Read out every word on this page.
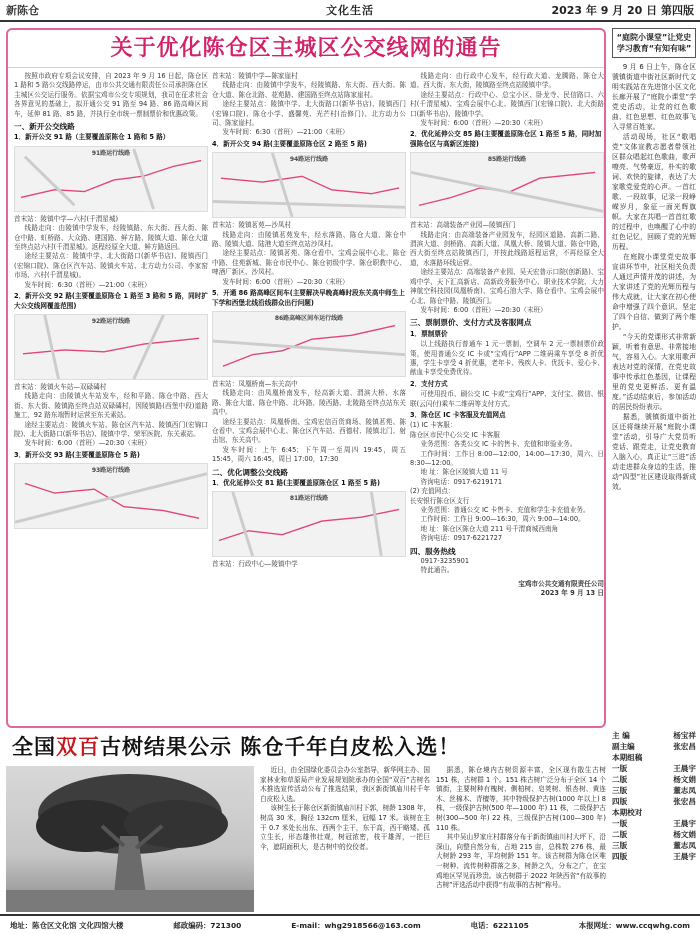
新陈仓	文化生活	2023 年 9 月 20 日 第四版
关于优化陈仓区主城区公交线网的通告

按照市政府专项会议安排，自 2023 年 9 月 16 日起，陈仓区 1 路和 5 路公交线路停运，由市公共交通有限责任公司承担陈仓区主城区公交运行服务。依据宝鸡市公交专项规划，我司在征求社会各界意见的基础上，拟开通公交 91 路至 94 路、86 路高峰区间车，延伸 81 路、85 路，并执行全市统一票制票价和优惠政策。

一、新开公交线路
1．新开公交 91 路（主要覆盖原陈仓 1 路和 5 路）
91路运行线路

首末站：陵镇中学—六村(千渭星城)

线路走向：由陵镇中学发车，经陵镇路、东大街、西大街、陈仓中路、虹桥路、大众路、建国路、鲜方路、陵镇大道、陈仓大道至终点站六村(千渭星城)。返程经原全大道、鲜方路返回。

途经主要站点：陵镇中学、北大街路口(新华书店)、陵镇西门(宏锦口院)、陈仓区汽车站、陵镇火车站、北方动力公司、李家窑市场、六村(千渭星城)。

发车时间：6:30（首班）—21:00（末班）

2．新开公交 92 路(主要覆盖原陈仓 1 路至 3 路和 5 路，同时扩大公交线网覆盖范围)
92路运行线路

首末站：陵镇火车站—双碌碡村

线路走向：由陵镇火车站发车，经和平路、陈仓中路、西大街、东大街、陵镇路至终点站双碌碡村，因陵镇路(西堡中段)道路施工，92 路东端暂时运营至东关素站。

途经主要站点：陵镇火车站、陈仓区汽车站、陵镇西门(宏锦口院)、北大街路口(新华书店)、陵镇中学、荣军医院、东关素站。

发车时间：6:00（首班）—20:30（末班）

3．新开公交 93 路(主要覆盖原陈仓 5 路)
93路运行线路

首末站：陵镇中学—陈家崖村

线路走向：由陵镇中学发车，经陵镇路、东大街、西大街、陈仓大道、陈仓北路、花苑路、建国路至终点站陈家崖村。

途经主要站点：陵镇中学、北大街路口(新华书店)、陵镇西门(宏锦口院)、陈仓小学、盛馨苑、光芒村(治修门)、北方动力公司、陈家崖村。

发车时间：6:30（首班）—21:00（末班）

4．新开公交 94 路(主要覆盖原陈仓区 2 路至 5 路)
94路运行线路

首末站：陵镇茗苑—沙凤村

线路走向：由陵镇茗苑发车，经水落路、陈仓大道、陈仓中路、陵镇大道、陆港大道至终点站沙凤村。

途经主要站点：陵镇茗苑、陈仓看中、宝鸡会展中心北、陈仓中路、佳苑新城、陈仓市民中心、陈仓初级中学、陈仓职教中心、啤酒厂新区、沙凤村。

发车时间：6:00（首班）—20:30（末班）

5．开通 86 路高峰区间车(主要解决早晚高峰时段东关高中师生上下学和西堡北线沿线群众出行问题)
86路高峰区间车运行线路

首末站：凤凰桥南—东关高中

线路走向：由凤凰桥南发车，经高新大道、渭滨大桥、水落路、陈仓大道、陈仓中路、北环路、陵西路、北陵路至终点站东关高中。

途经主要站点：凤凰桥南、宝鸡宏信百货商场、陵镇茗苑、陈仓看中、宝鸡会展中心北、陈仓区汽车站、西德村、陵镇北门、射击馆、东关高中。

发车时间：上午 6:45；下午周一至周四 19:45，周五 15:45，周六 16:45，周日 17:00，17:30

二、优化调整公交线路
1．优化延伸公交 81 路(主要覆盖原陈仓区 1 路至 5 路)
81路运行线路

首末站：行政中心—陵镇中学

线路走向：由行政中心发车，经行政大道、龙腾路、陈仓大道、西大街、东大街，陵镇路至终点站陵镇中学。

途经主要站点：行政中心、总宝小区、卧龙寺、民信路口、六村(千渭星城)、宝鸡会展中心北、陵镇西门(宏锦口院)、北大街路口(新华书店)、陵镇中学。

发车时间：6:00（首班）—20:30（末班）

2．优化延伸公交 85 路(主要覆盖原陈仓区 1 路至 5 路，同时加强陈仓区与高新区连接)
85路运行线路

首末站：高端装备产业园—陵镇西门

线路走向：由高端装备产业园发车，经园区道路、高新二路、渭滨大道、剑桥路、高新大道、凤凰大桥、陵镇大道、陈仓中路，西大街至终点站陵镇西门，并按此线路返程运营，不再经原全大道，水落路环线运营。

途经主要站点：高端装备产业园、吴天宏普示口院(创新路)、宝鸡中学、天下汇高新店、高新政务服务中心、职业技术学院、大力神航空科技园(凤凰桥南)、宝鸡石油大学、陈仓看中、宝鸡会展中心北、陈仓中路、陵镇西门。

发车时间：6:00（首班）—20:30（末班）

三、票制票价、支付方式及客服网点
1．票制票价

以上线路执行普通车 1 元一票制，空调车 2 元一票制票价政策，使用普通公交 IC 卡或“宝鸡行”APP 二维码乘车享受 8 折优惠，学生卡享受 4 折优惠，老年卡、残疾人卡、优抚卡、爱心卡、献血卡享受免费优待。

2．支付方式

可使用投币、刷公交 IC 卡或“宝鸡行”APP、支付宝、微信、银联(云闪付)乘车二维码等支付方式。

3．陈仓区 IC 卡客服及充值网点

(1) IC 卡客服：

陈仓区市民中心公交 IC 卡客服

业务范围：各类公交 IC 卡的售卡、充值和审验业务。

工作时间：工作日 8:00—12:00，14:00—17:30，周六、日 8:30—12:00。

地 址：陈仓区陵镇大道 11 号

咨询电话：0917-6219171

(2) 充值网点：

长安银行陈仓区支行

业务范围：普通公交 IC 卡售卡、充值和学生卡充值业务。

工作时间：工作日 9:00—16:30，周六 9:00—14:00。

地 址：陈仓区陈仓大道 211 号千渭商城西南角

咨询电话：0917-6221727

四、服务热线

0917-3235901

特此通告。

宝鸡市公共交通有限责任公司
2023 年 9 月 13 日
“庭院小课堂”让党史学习教育“有知有味”

9 月 6 日上午，陈仓区虢镇街道中街社区新时代文明实践站在先进馆小区文化长廊开展了“庭院小课堂”学党史活动，让党的红色歌曲、红色思想、红色故事飞入寻常百姓家。

活动现场，社区“歌唱党”文体宣教志愿者带领社区群众唱起红色歌曲，歌声嘹亮、气势豪迈，朴实的歌词、欢快的旋律，表达了大家歌党爱党的心声。一首红歌、一段故事，记录一段峥嵘岁月，象征一面光辉旗帜。大家在共唱一首首红歌的过程中，也唤醒了心中的红色记忆，回顾了党的光辉历程。

在庭院小课堂党史故事宣讲环节中，社区相关负责人通过声情并茂的讲述，为大家讲述了党的光辉历程与伟大成就，让大家在初心使命中增强了四个意识、坚定了四个自信、做到了两个维护。

“今天的党课形式非常新颖，听着有意思、非常接地气，容易入心。大家用歌声表达对党的深情，在党史故事中传承红色基因，让课程里的党史更鲜活、更有温度。”活动结束后，参加活动的居民纷纷表示。

据悉，虢镇街道中街社区还将继续开展“庭院小课堂”活动，引导广大党员听党话、跟党走，让党史教育入脑入心，真正让“三进”活动走进群众身边的生活，推动“四型”社区建设取得新成效。

主 编	杨宝祥
副主编	张宏昌
本期组稿
一版	王晨宇
二版	杨文娟
三版	董志凤
四版	张宏昌
本期校对
一版	王晨宇
二版	杨文娟
三版	董志凤
四版	王晨宇
全国双百古树结果公示 陈仓千年白皮松入选！

近日，由全国绿化委员会办公室指导，新华网主办、国家林业和草原局产业发展规划院承办的全国“双百”古树名木推选宣传活动公布了推选结果，我区新街镇庙川村千年白皮松入选。

该树生长于陈仓区新街镇庙川村下郭，树龄 1308 年，树高 30 米，胸径 132cm 厘米，冠幅 17 米。该树在主干 0.7 米处长出东、西两个主干，东干高，西干略矮。孤立生长，形态雄伟壮观，树冠浓密，枝干雄浑，一把巨伞，遮阴面积大，是古树中的佼佼者。

据悉，陈仓境内古树资源丰富，全区现有散生古树 151 株，古树群 1 个。151 株古树广泛分布于全区 14 个镇街，主要树种有槐树、侧柏树、皂荚树、银杏树、黄连木、丝棉木、青檀等，其中特级保护古树(1000 年以上) 8 株，一级保护古树(500 年—1000 年) 11 株，二级保护古树(300—500 年) 22 株，三级保护古树(100—300 年) 110 株。

其中吴山罗家庄村群落分布于新街镇庙川村大坪下，沿深山，向整自然分布，占地 215 亩，总株数 276 株，最大树龄 293 年，平均树龄 151 年。该古树群为陈仓区唯一树种、流传树种群落之多，树龄之久，分布之广，在宝鸡地区罕见而珍贵。该古树群于 2022 年陕西省“有故事的古树”评选活动中获得“有故事的古树”称号。

地址：陈仓区文化馆 文化四馆大楼	邮政编码：721300	E-mail：whg2918566@163.com	电话：6221105	本报网址：www.ccqwhg.com
